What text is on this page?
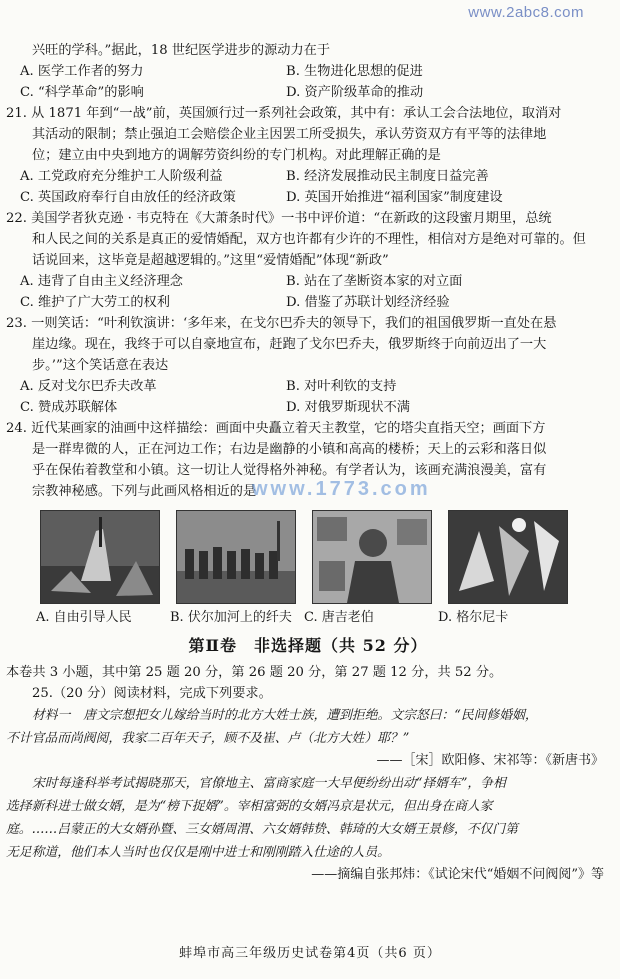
www.2abc8.com
兴旺的学科。”据此，18 世纪医学进步的源动力在于
A. 医学工作者的努力	B. 生物进化思想的促进
C. “科学革命”的影响	D. 资产阶级革命的推动
21. 从 1871 年到“一战”前，英国颁行过一系列社会政策，其中有：承认工会合法地位，取消对
其活动的限制；禁止强迫工会赔偿企业主因罢工所受损失，承认劳资双方有平等的法律地
位；建立由中央到地方的调解劳资纠纷的专门机构。对此理解正确的是
A. 工党政府充分维护工人阶级利益	B. 经济发展推动民主制度日益完善
C. 英国政府奉行自由放任的经济政策	D. 英国开始推进“福利国家”制度建设
22. 美国学者狄克逊 · 韦克特在《大萧条时代》一书中评价道：“在新政的这段蜜月期里，总统
和人民之间的关系是真正的爱情婚配，双方也许都有少许的不理性，相信对方是绝对可靠的。但
话说回来，这毕竟是超越逻辑的。”这里“爱情婚配”体现“新政”
A. 违背了自由主义经济理念	B. 站在了垄断资本家的对立面
C. 维护了广大劳工的权利	D. 借鉴了苏联计划经济经验
23. 一则笑话：“叶利钦演讲：‘多年来，在戈尔巴乔夫的领导下，我们的祖国俄罗斯一直处在悬
崖边缘。现在，我终于可以自豪地宣布，赶跑了戈尔巴乔夫，俄罗斯终于向前迈出了一大
步。’”这个笑话意在表达
A. 反对戈尔巴乔夫改革	B. 对叶利钦的支持
C. 赞成苏联解体	D. 对俄罗斯现状不满
24. 近代某画家的油画中这样描绘：画面中央矗立着天主教堂，它的塔尖直指天空；画面下方
是一群卑微的人，正在河边工作；右边是幽静的小镇和高高的楼桥；天上的云彩和落日似
乎在保佑着教堂和小镇。这一切让人觉得格外神秘。有学者认为，该画充满浪漫美，富有
宗教神秘感。下列与此画风格相近的是
A. 自由引导人民	B. 伏尔加河上的纤夫 C. 唐吉老伯	D. 格尔尼卡
第Ⅱ卷　非选择题（共 52 分）
本卷共 3 小题，其中第 25 题 20 分，第 26 题 20 分，第 27 题 12 分，共 52 分。
25.（20 分）阅读材料，完成下列要求。
材料一　唐文宗想把女儿嫁给当时的北方大姓士族，遭到拒绝。文宗怒曰：“民间修婚姻，
不计官品而尚阀阅，我家二百年天子，顾不及崔、卢（北方大姓）耶？”
——［宋］欧阳修、宋祁等：《新唐书》
宋时每逢科举考试揭晓那天，官僚地主、富商家庭一大早便纷纷出动“择婿车”，争相
选择新科进士做女婿，是为“榜下捉婿”。宰相富弼的女婿冯京是状元，但出身在商人家
庭。……吕蒙正的大女婿孙暨、三女婿周渭、六女婿韩贽、韩琦的大女婿王景修，不仅门第
无足称道，他们本人当时也仅仅是刚中进士和刚刚踏入仕途的人员。
——摘编自张邦炜：《试论宋代“婚姻不问阀阅”》等
www.1773.com
蚌埠市高三年级历史试卷第4页（共6 页）
